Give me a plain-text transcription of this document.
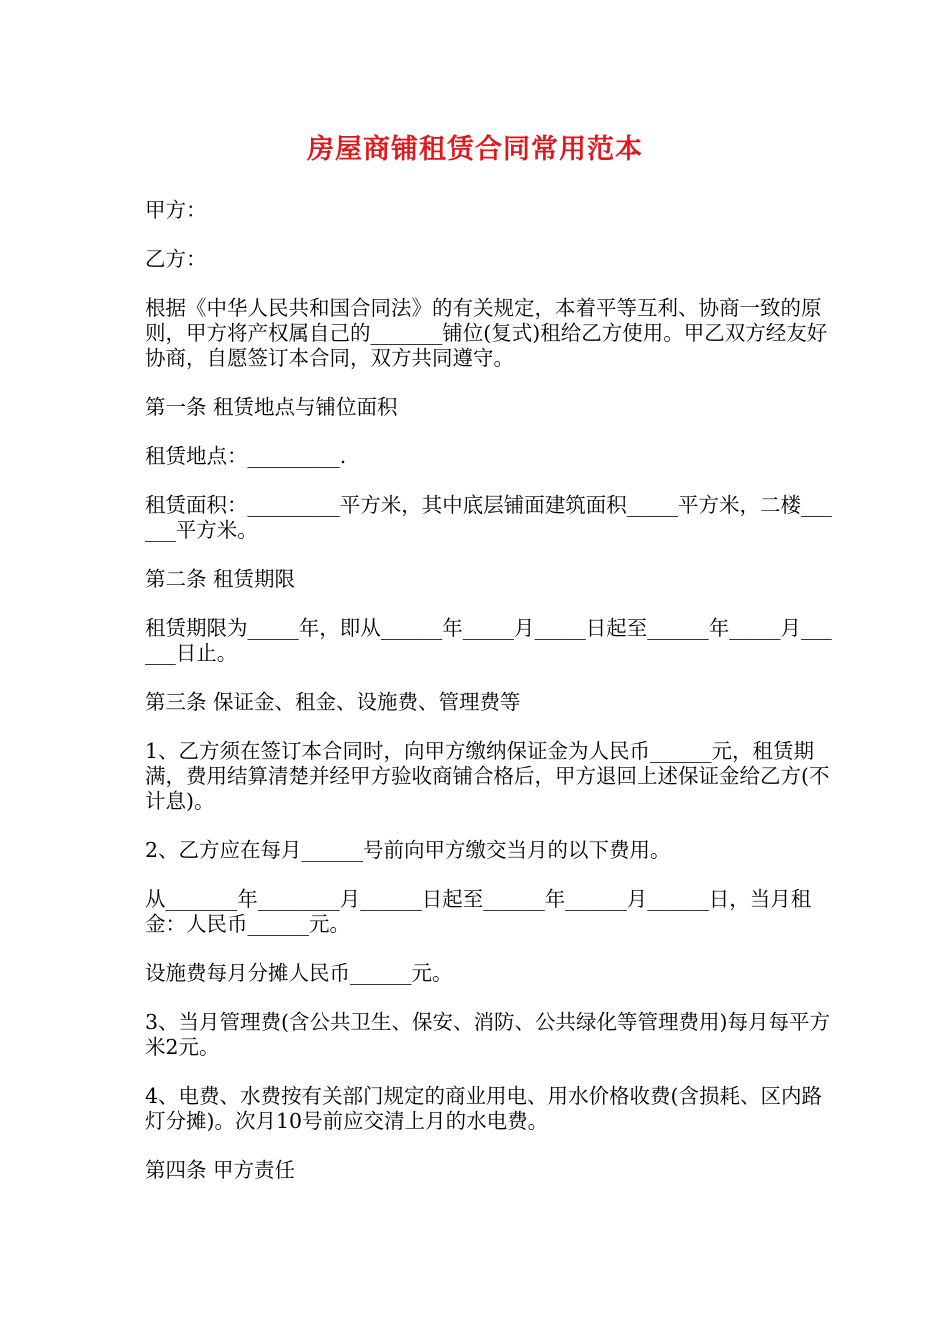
房屋商铺租赁合同常用范本

甲方：

乙方：

根据《中华人民共和国合同法》的有关规定，本着平等互利、协商一致的原则，甲方将产权属自己的_______铺位(复式)租给乙方使用。甲乙双方经友好协商，自愿签订本合同，双方共同遵守。

第一条 租赁地点与铺位面积

租赁地点：_________.

租赁面积：_________平方米，其中底层铺面建筑面积_____平方米，二楼______平方米。

第二条 租赁期限

租赁期限为_____年，即从______年_____月_____日起至______年_____月______日止。

第三条 保证金、租金、设施费、管理费等

1、乙方须在签订本合同时，向甲方缴纳保证金为人民币______元，租赁期满，费用结算清楚并经甲方验收商铺合格后，甲方退回上述保证金给乙方(不计息)。

2、乙方应在每月______号前向甲方缴交当月的以下费用。

从_______年________月______日起至______年______月______日，当月租金：人民币______元。

设施费每月分摊人民币______元。

3、当月管理费(含公共卫生、保安、消防、公共绿化等管理费用)每月每平方米2元。

4、电费、水费按有关部门规定的商业用电、用水价格收费(含损耗、区内路灯分摊)。次月10号前应交清上月的水电费。

第四条 甲方责任
